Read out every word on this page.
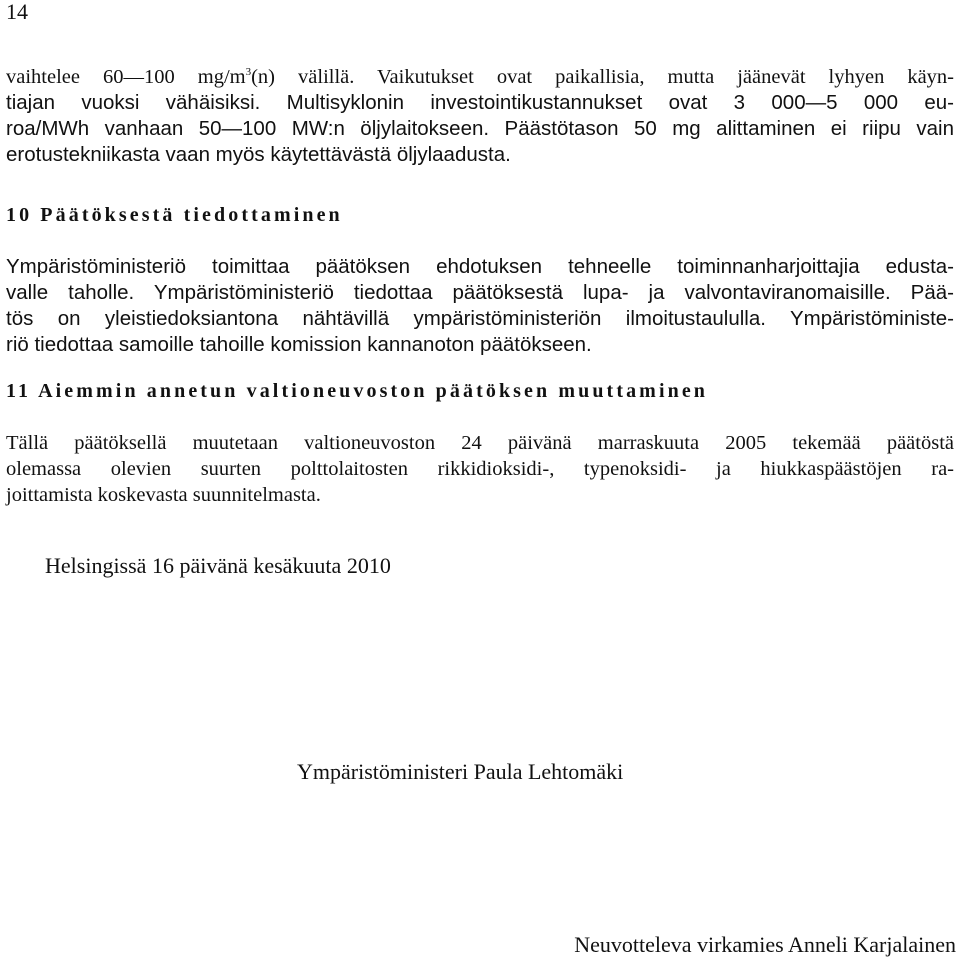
14
vaihtelee 60—100 $mg/m^3(n)$ välillä. Vaikutukset ovat paikallisia, mutta jäänevät lyhyen käyn-
tiajan vuoksi vähäisiksi. Multisyklonin investointikustannukset ovat 3 000—5 000 eu-
roa/MWh vanhaan 50—100 MW:n öljylaitokseen. Päästötason 50 mg alittaminen ei riipu vain
erotustekniikasta vaan myös käytettävästä öljylaadusta.
10 Päätöksestä tiedottaminen
Ympäristöministeriö toimittaa päätöksen ehdotuksen tehneelle toiminnanharjoittajia edusta-
valle taholle. Ympäristöministeriö tiedottaa päätöksestä lupa- ja valvontaviranomaisille. Pää-
tös on yleistiedoksiantona nähtävillä ympäristöministeriön ilmoitustaululla. Ympäristöministe-
riö tiedottaa samoille tahoille komission kannanoton päätökseen.
11 Aiemmin annetun valtioneuvoston päätöksen muuttaminen
Tällä päätöksellä muutetaan valtioneuvoston 24 päivänä marraskuuta 2005 tekemää päätöstä
olemassa olevien suurten polttolaitosten rikkidioksidi-, typenoksidi- ja hiukkaspäästöjen ra-
joittamista koskevasta suunnitelmasta.
Helsingissä 16 päivänä kesäkuuta 2010
Ympäristöministeri Paula Lehtomäki
Neuvotteleva virkamies Anneli Karjalainen
